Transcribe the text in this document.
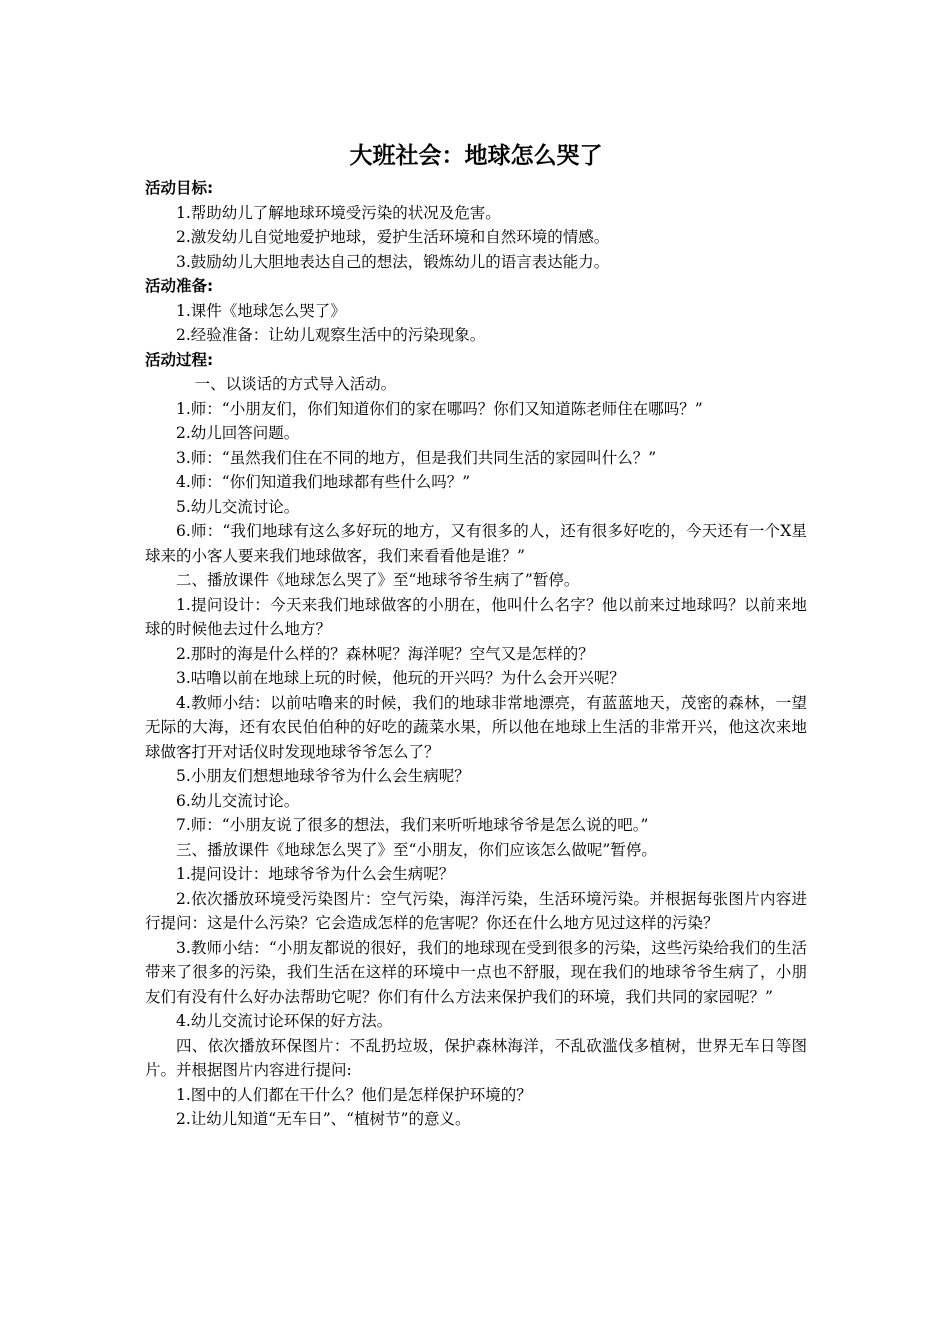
大班社会：地球怎么哭了

活动目标:

1.帮助幼儿了解地球环境受污染的状况及危害。

2.激发幼儿自觉地爱护地球，爱护生活环境和自然环境的情感。

3.鼓励幼儿大胆地表达自己的想法，锻炼幼儿的语言表达能力。

活动准备:

1.课件《地球怎么哭了》

2.经验准备：让幼儿观察生活中的污染现象。

活动过程:

一、以谈话的方式导入活动。

1.师：“小朋友们，你们知道你们的家在哪吗？你们又知道陈老师住在哪吗？”

2.幼儿回答问题。

3.师：“虽然我们住在不同的地方，但是我们共同生活的家园叫什么？”

4.师：“你们知道我们地球都有些什么吗？”

5.幼儿交流讨论。

6.师：“我们地球有这么多好玩的地方，又有很多的人，还有很多好吃的，今天还有一个X星球来的小客人要来我们地球做客，我们来看看他是谁？”

二、播放课件《地球怎么哭了》至“地球爷爷生病了”暂停。

1.提问设计：今天来我们地球做客的小朋在，他叫什么名字？他以前来过地球吗？以前来地球的时候他去过什么地方？

2.那时的海是什么样的？森林呢？海洋呢？空气又是怎样的？

3.咕噜以前在地球上玩的时候，他玩的开兴吗？为什么会开兴呢？

4.教师小结：以前咕噜来的时候，我们的地球非常地漂亮，有蓝蓝地天，茂密的森林，一望无际的大海，还有农民伯伯种的好吃的蔬菜水果，所以他在地球上生活的非常开兴，他这次来地球做客打开对话仪时发现地球爷爷怎么了？

5.小朋友们想想地球爷爷为什么会生病呢？

6.幼儿交流讨论。

7.师：“小朋友说了很多的想法，我们来听听地球爷爷是怎么说的吧。”

三、播放课件《地球怎么哭了》至“小朋友，你们应该怎么做呢”暂停。

1.提问设计：地球爷爷为什么会生病呢？

2.依次播放环境受污染图片：空气污染，海洋污染，生活环境污染。并根据每张图片内容进行提问：这是什么污染？它会造成怎样的危害呢？你还在什么地方见过这样的污染？

3.教师小结：“小朋友都说的很好，我们的地球现在受到很多的污染，这些污染给我们的生活带来了很多的污染，我们生活在这样的环境中一点也不舒服，现在我们的地球爷爷生病了，小朋友们有没有什么好办法帮助它呢？你们有什么方法来保护我们的环境，我们共同的家园呢？”

4.幼儿交流讨论环保的好方法。

四、依次播放环保图片：不乱扔垃圾，保护森林海洋，不乱砍滥伐多植树，世界无车日等图片。并根据图片内容进行提问:

1.图中的人们都在干什么？他们是怎样保护环境的？

2.让幼儿知道“无车日”、“植树节”的意义。
